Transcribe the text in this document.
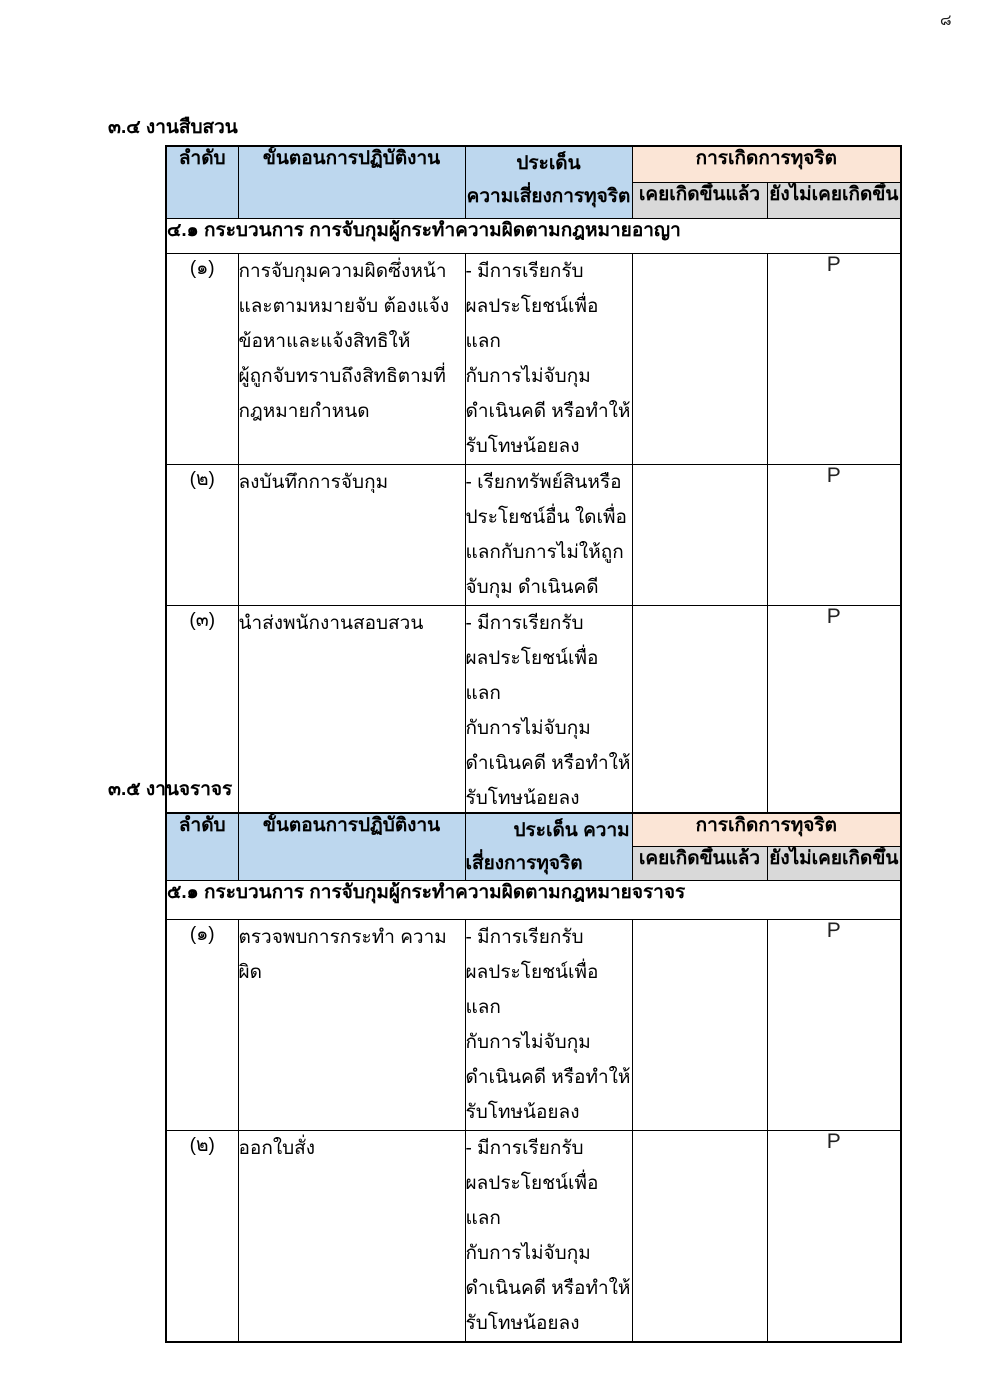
๘
๓.๔ งานสืบสวน
ลำดับ	ขั้นตอนการปฏิบัติงาน	ประเด็น
ความเสี่ยงการทุจริต	การเกิดการทุจริต	
			เคยเกิดขึ้นแล้ว	ยังไม่เคยเกิดขึ้น
๔.๑ กระบวนการ การจับกุมผู้กระทำความผิดตามกฎหมายอาญา				
(๑)	การจับกุมความผิดซึ่งหน้า
และตามหมายจับ ต้องแจ้ง
ข้อหาและแจ้งสิทธิให้
ผู้ถูกจับทราบถึงสิทธิตามที่
กฎหมายกำหนด	- มีการเรียกรับ
ผลประโยชน์เพื่อแลก
กับการไม่จับกุม
ดำเนินคดี หรือทำให้
รับโทษน้อยลง		P
(๒)	ลงบันทึกการจับกุม	- เรียกทรัพย์สินหรือ
ประโยชน์อื่น ใดเพื่อ
แลกกับการไม่ให้ถูก
จับกุม ดำเนินคดี		P
(๓)	นำส่งพนักงานสอบสวน	- มีการเรียกรับ
ผลประโยชน์เพื่อแลก
กับการไม่จับกุม
ดำเนินคดี หรือทำให้
รับโทษน้อยลง		P
๓.๕ งานจราจร
ลำดับ	ขั้นตอนการปฏิบัติงาน	ประเด็น ความ
เสี่ยงการทุจริต	การเกิดการทุจริต	
			เคยเกิดขึ้นแล้ว	ยังไม่เคยเกิดขึ้น
๕.๑ กระบวนการ การจับกุมผู้กระทำความผิดตามกฎหมายจราจร				
(๑)	ตรวจพบการกระทำ ความผิด	- มีการเรียกรับ
ผลประโยชน์เพื่อแลก
กับการไม่จับกุม
ดำเนินคดี หรือทำให้
รับโทษน้อยลง		P
(๒)	ออกใบสั่ง	- มีการเรียกรับ
ผลประโยชน์เพื่อแลก
กับการไม่จับกุม
ดำเนินคดี หรือทำให้
รับโทษน้อยลง		P
